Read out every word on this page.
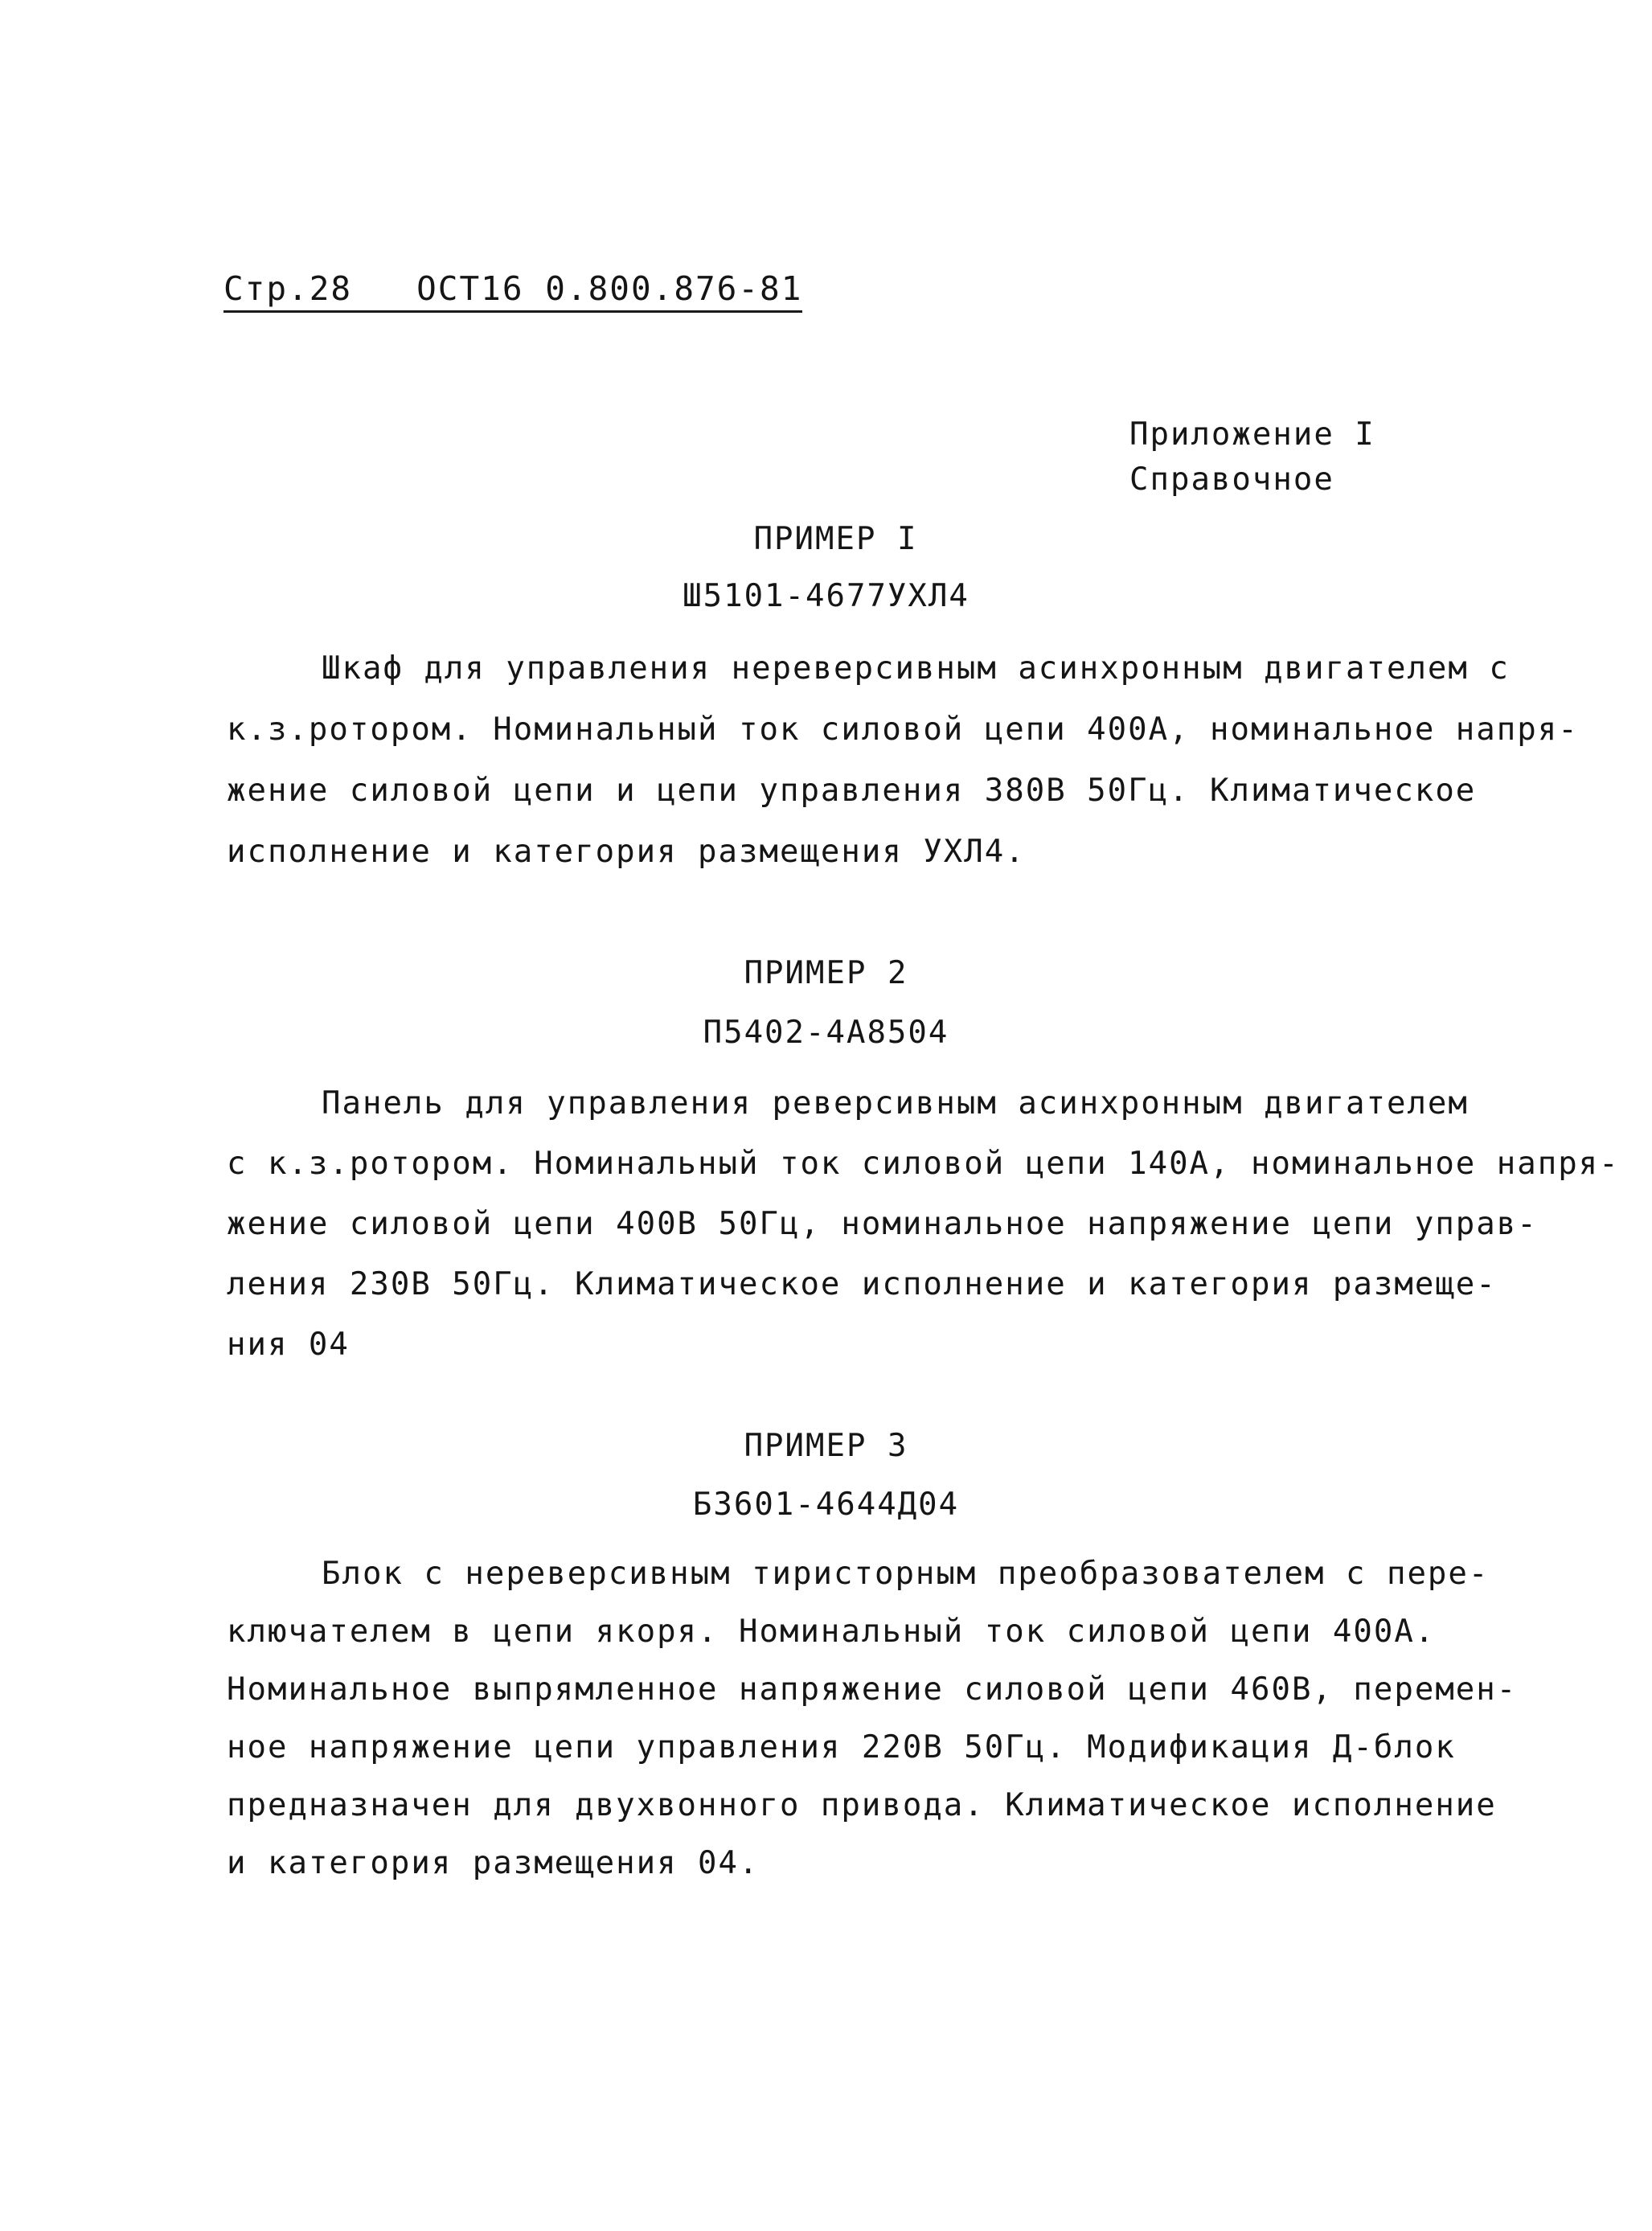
Стр.28 ОСТ16 0.800.876-81
Приложение I
Справочное
ПРИМЕР I
Ш5101-4677УХЛ4
Шкаф для управления нереверсивным асинхронным двигателем с
к.з.ротором. Номинальный ток силовой цепи 400А, номинальное напря-
жение силовой цепи и цепи управления 380В 50Гц. Климатическое
исполнение и категория размещения УХЛ4.
ПРИМЕР 2
П5402-4А8504
Панель для управления реверсивным асинхронным двигателем
с к.з.ротором. Номинальный ток силовой цепи 140А, номинальное напря-
жение силовой цепи 400В 50Гц, номинальное напряжение цепи управ-
ления 230В 50Гц. Климатическое исполнение и категория размеще-
ния 04
ПРИМЕР 3
Б3601-4644Д04
Блок с нереверсивным тиристорным преобразователем с пере-
ключателем в цепи якоря. Номинальный ток силовой цепи 400А.
Номинальное выпрямленное напряжение силовой цепи 460В, перемен-
ное напряжение цепи управления 220В 50Гц. Модификация Д-блок
предназначен для двухвонного привода. Климатическое исполнение
и категория размещения 04.
